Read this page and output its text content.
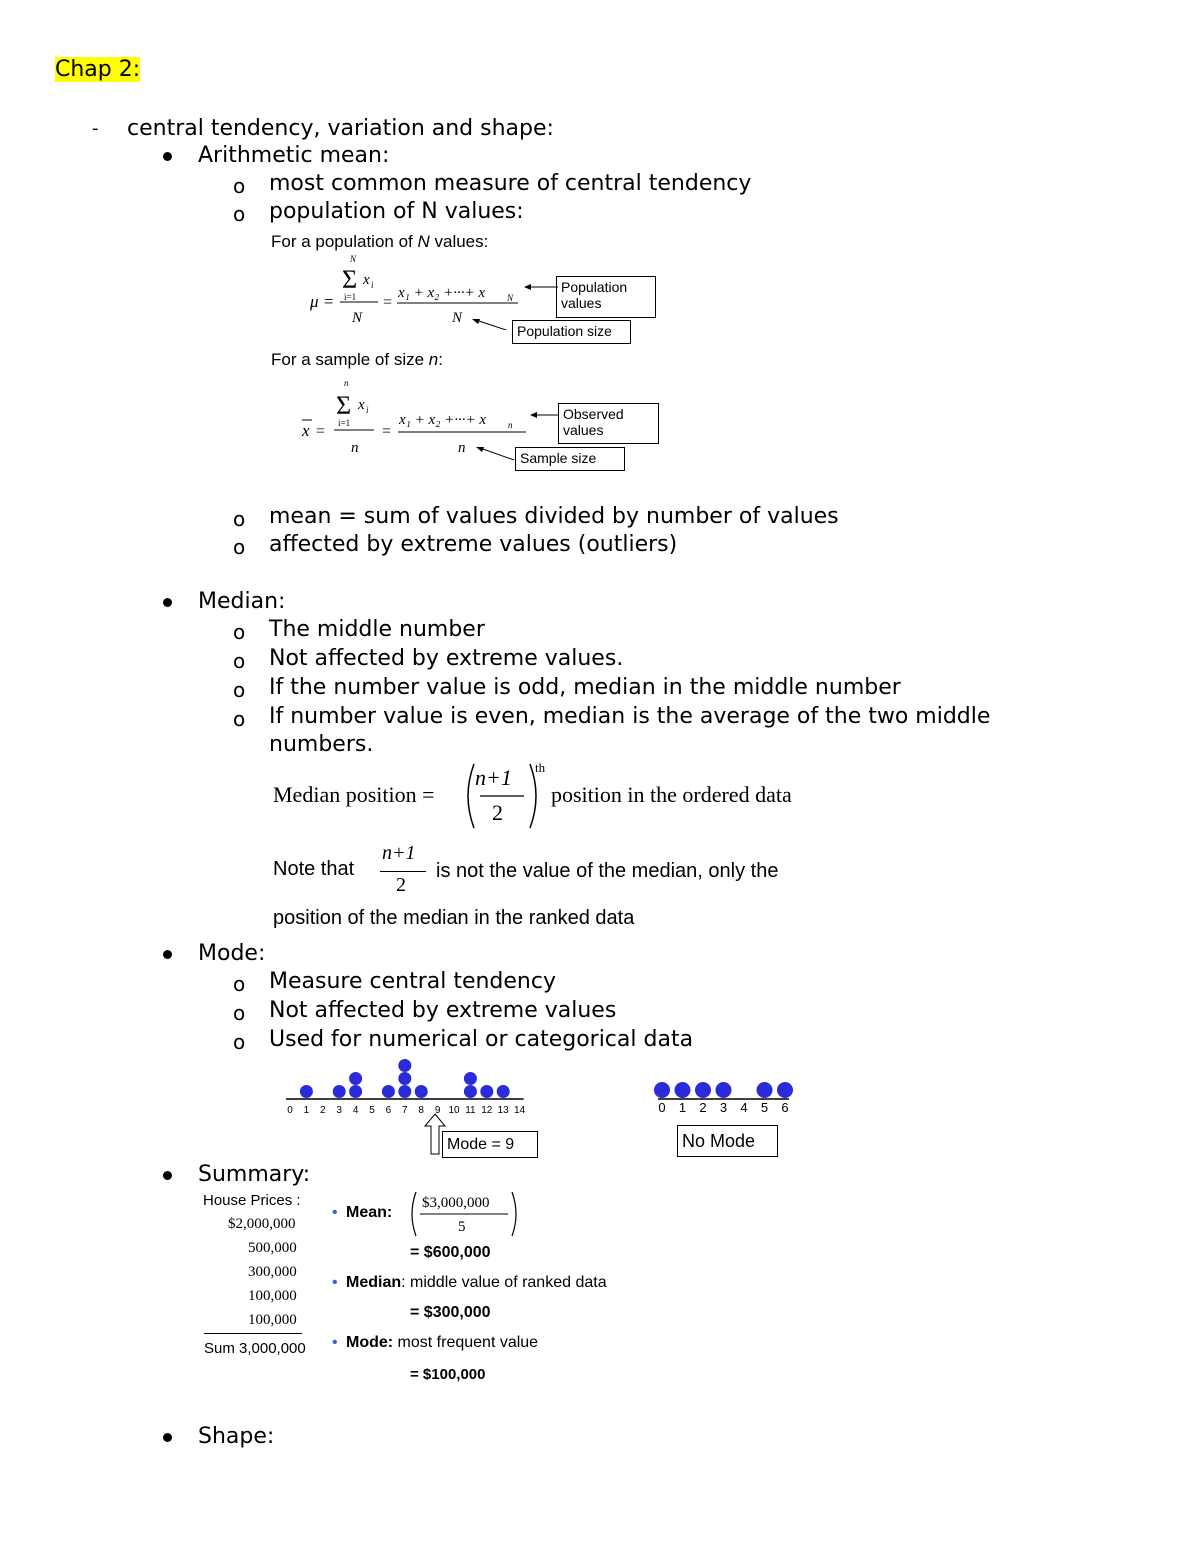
Chap 2:
- central tendency, variation and shape:
Arithmetic mean:
o most common measure of central tendency
o population of N values:
For a population of N values:
μ =
N
Σ x i
i=1
N
=
x₁ + x₂ +···+ x N
N
Population values
Population size
For a sample of size n:
x =
n
Σ x i
i=1
n
=
x₁ + x₂ +···+ x n
n
Observed values
Sample size
o mean = sum of values divided by number of values
o affected by extreme values (outliers)
Median:
o The middle number
o Not affected by extreme values.
o If the number value is odd, median in the middle number
o If number value is even, median is the average of the two middle
numbers.
Median position =
n+1
2
th
position in the ordered data
Note that
n+1
2
is not the value of the median, only the
position of the median in the ranked data
Mode:
o Measure central tendency
o Not affected by extreme values
o Used for numerical or categorical data
0 1 2 3 4 5 6 7 8 9 10 11 12 13 14
Mode = 9
0 1 2 3 4 5 6
No Mode
Summary:
House Prices :
$2,000,000
500,000
300,000
100,000
100,000
Sum 3,000,000
• Mean:
$3,000,000
5
= $600,000
• Median: middle value of ranked data
= $300,000
• Mode: most frequent value
= $100,000
Shape:
